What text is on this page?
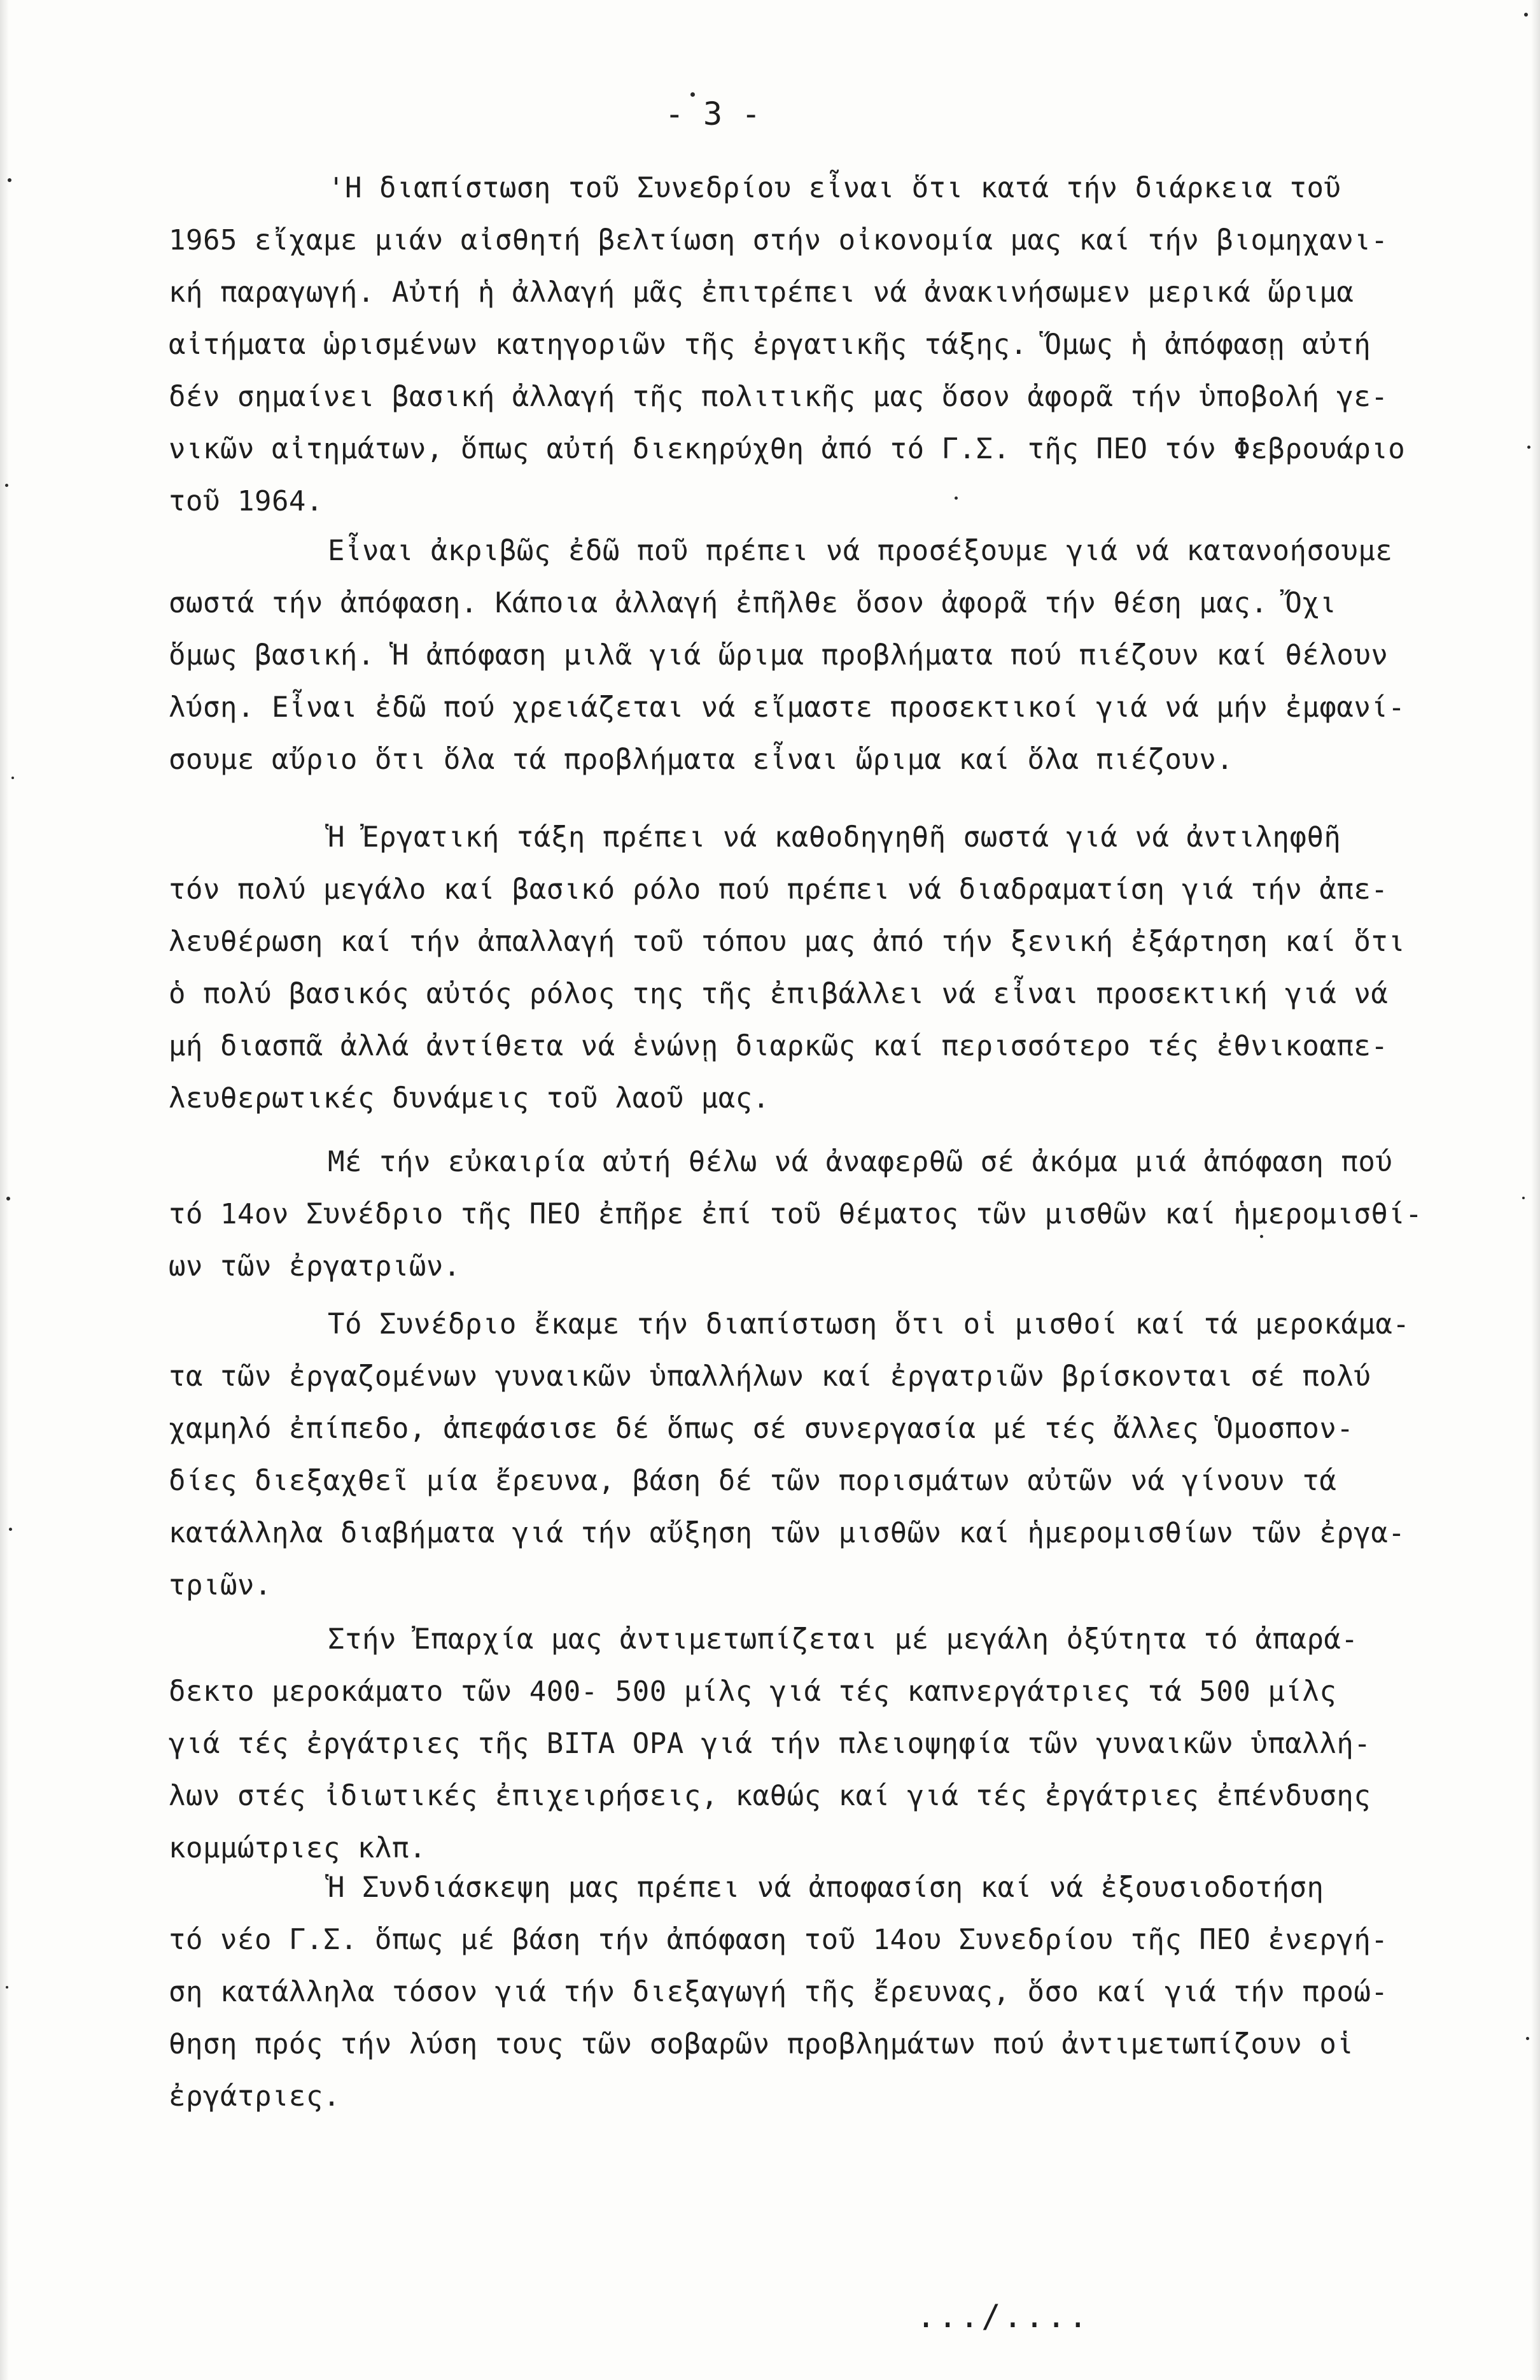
- 3 -
'Η διαπίστωση τοῦ Συνεδρίου εἶναι ὅτι κατά τήν διάρκεια τοῦ
1965 εἴχαμε μιάν αἰσθητή βελτίωση στήν οἰκονομία μας καί τήν βιομηχανι-
κή παραγωγή. Αὐτή ἡ ἀλλαγή μᾶς ἐπιτρέπει νά ἀνακινήσωμεν μερικά ὥριμα
αἰτήματα ὡρισμένων κατηγοριῶν τῆς ἐργατικῆς τάξης. Ὅμως ἡ ἀπόφασῃ αὐτή
δέν σημαίνει βασική ἀλλαγή τῆς πολιτικῆς μας ὅσον ἀφορᾶ τήν ὑποβολή γε-
νικῶν αἰτημάτων, ὅπως αὐτή διεκηρύχθη ἀπό τό Γ.Σ. τῆς ΠΕΟ τόν Φεβρουάριο
τοῦ 1964.
Εἶναι ἀκριβῶς ἐδῶ ποῦ πρέπει νά προσέξουμε γιά νά κατανοήσουμε
σωστά τήν ἀπόφαση. Κάποια ἀλλαγή ἐπῆλθε ὅσον ἀφορᾶ τήν θέση μας. Ὄχι
ὅμως βασική. Ἡ ἀπόφαση μιλᾶ γιά ὥριμα προβλήματα πού πιέζουν καί θέλουν
λύση. Εἶναι ἐδῶ πού χρειάζεται νά εἴμαστε προσεκτικοί γιά νά μήν ἐμφανί-
σουμε αὔριο ὅτι ὅλα τά προβλήματα εἶναι ὥριμα καί ὅλα πιέζουν.
Ἡ Ἐργατική τάξη πρέπει νά καθοδηγηθῆ σωστά γιά νά ἀντιληφθῆ
τόν πολύ μεγάλο καί βασικό ρόλο πού πρέπει νά διαδραματίση γιά τήν ἀπε-
λευθέρωση καί τήν ἀπαλλαγή τοῦ τόπου μας ἀπό τήν ξενική ἐξάρτηση καί ὅτι
ὁ πολύ βασικός αὐτός ρόλος της τῆς ἐπιβάλλει νά εἶναι προσεκτική γιά νά
μή διασπᾶ ἀλλά ἀντίθετα νά ἑνώνῃ διαρκῶς καί περισσότερο τές ἐθνικοαπε-
λευθερωτικές δυνάμεις τοῦ λαοῦ μας.
Μέ τήν εὐκαιρία αὐτή θέλω νά ἀναφερθῶ σέ ἀκόμα μιά ἀπόφαση πού
τό 14ον Συνέδριο τῆς ΠΕΟ ἐπῆρε ἐπί τοῦ θέματος τῶν μισθῶν καί ἡμερομισθί-
ων τῶν ἐργατριῶν.
Τό Συνέδριο ἔκαμε τήν διαπίστωση ὅτι οἱ μισθοί καί τά μεροκάμα-
τα τῶν ἐργαζομένων γυναικῶν ὑπαλλήλων καί ἐργατριῶν βρίσκονται σέ πολύ
χαμηλό ἐπίπεδο, ἀπεφάσισε δέ ὅπως σέ συνεργασία μέ τές ἄλλες Ὁμοσπον-
δίες διεξαχθεῖ μία ἔρευνα, βάση δέ τῶν πορισμάτων αὐτῶν νά γίνουν τά
κατάλληλα διαβήματα γιά τήν αὔξηση τῶν μισθῶν καί ἡμερομισθίων τῶν ἐργα-
τριῶν.
Στήν Ἐπαρχία μας ἀντιμετωπίζεται μέ μεγάλη ὀξύτητα τό ἀπαρά-
δεκτο μεροκάματο τῶν 400- 500 μίλς γιά τές καπνεργάτριες τά 500 μίλς
γιά τές ἐργάτριες τῆς ΒΙΤΑ ΟΡΑ γιά τήν πλειοψηφία τῶν γυναικῶν ὑπαλλή-
λων στές ἰδιωτικές ἐπιχειρήσεις, καθώς καί γιά τές ἐργάτριες ἐπένδυσης
κομμώτριες κλπ.
Ἡ Συνδιάσκεψη μας πρέπει νά ἀποφασίση καί νά ἐξουσιοδοτήση
τό νέο Γ.Σ. ὅπως μέ βάση τήν ἀπόφαση τοῦ 14ου Συνεδρίου τῆς ΠΕΟ ἐνεργή-
ση κατάλληλα τόσον γιά τήν διεξαγωγή τῆς ἔρευνας, ὅσο καί γιά τήν προώ-
θηση πρός τήν λύση τους τῶν σοβαρῶν προβλημάτων πού ἀντιμετωπίζουν οἱ
ἐργάτριες.
.../....
